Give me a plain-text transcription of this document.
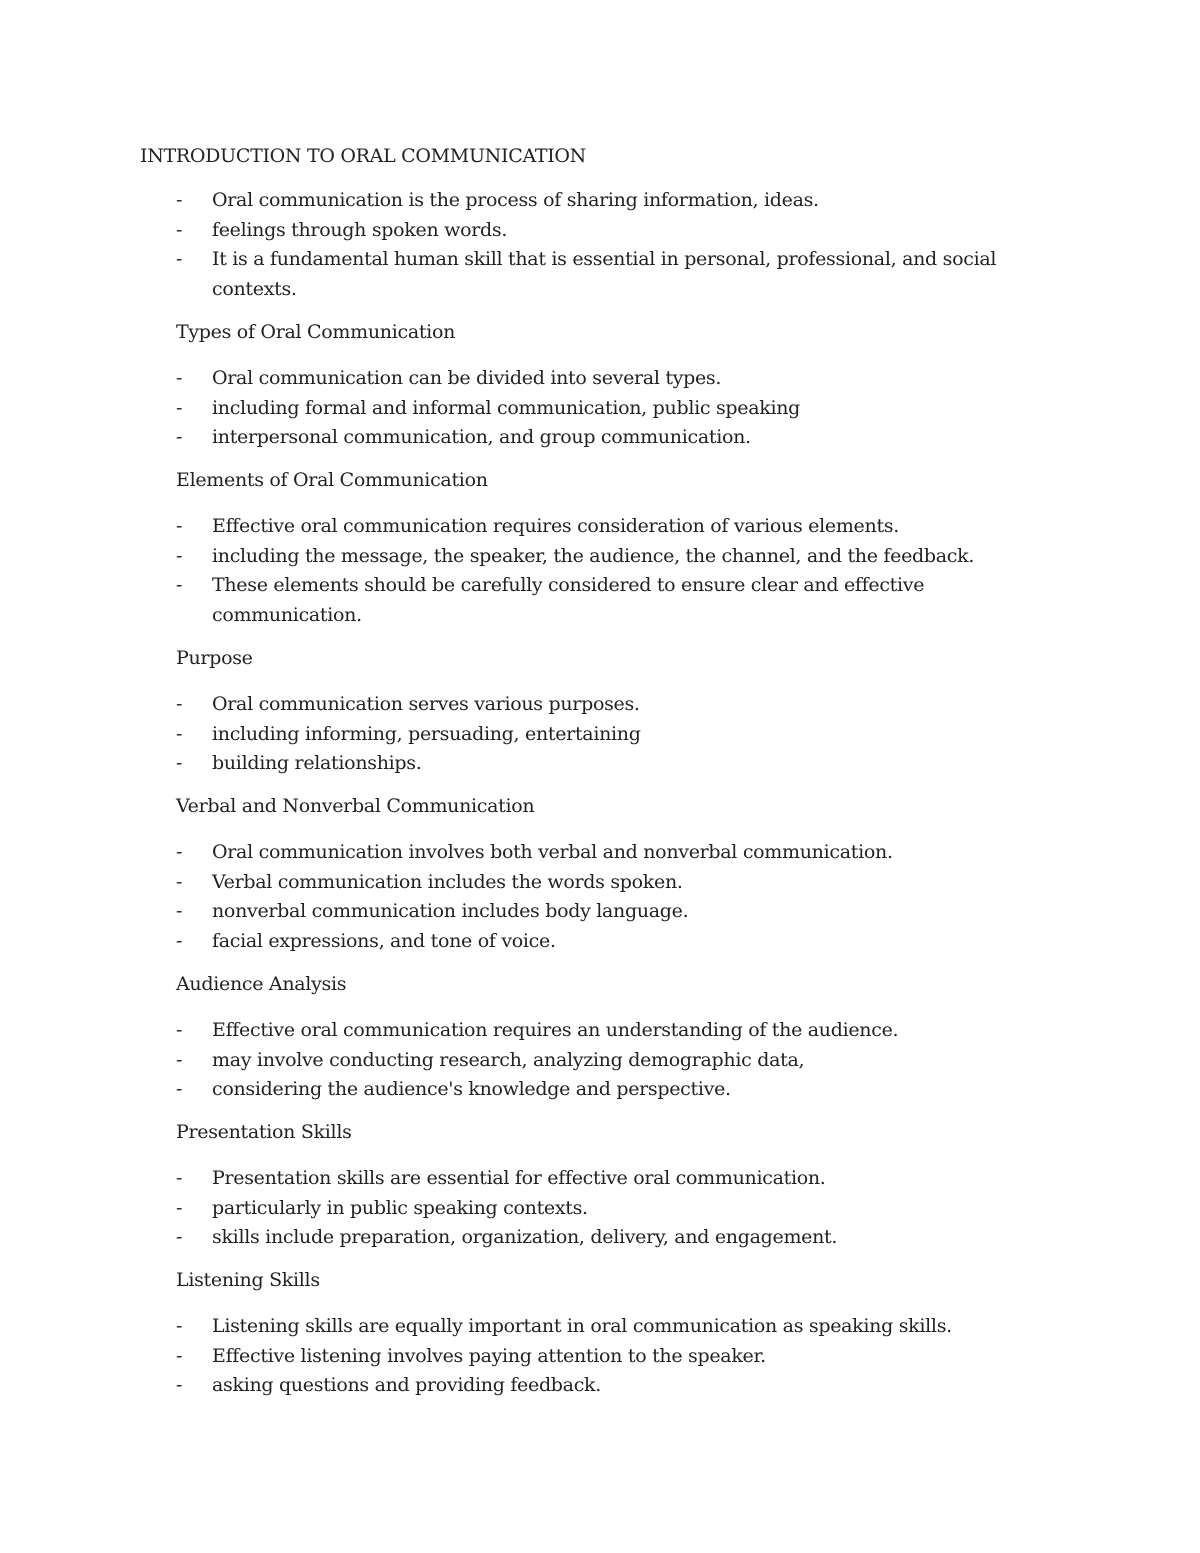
INTRODUCTION TO ORAL COMMUNICATION
- Oral communication is the process of sharing information, ideas.
- feelings through spoken words.
- It is a fundamental human skill that is essential in personal, professional, and social contexts.
Types of Oral Communication
- Oral communication can be divided into several types.
- including formal and informal communication, public speaking
- interpersonal communication, and group communication.
Elements of Oral Communication
- Effective oral communication requires consideration of various elements.
- including the message, the speaker, the audience, the channel, and the feedback.
- These elements should be carefully considered to ensure clear and effective communication.
Purpose
- Oral communication serves various purposes.
- including informing, persuading, entertaining
- building relationships.
Verbal and Nonverbal Communication
- Oral communication involves both verbal and nonverbal communication.
- Verbal communication includes the words spoken.
- nonverbal communication includes body language.
- facial expressions, and tone of voice.
Audience Analysis
- Effective oral communication requires an understanding of the audience.
- may involve conducting research, analyzing demographic data,
- considering the audience's knowledge and perspective.
Presentation Skills
- Presentation skills are essential for effective oral communication.
- particularly in public speaking contexts.
- skills include preparation, organization, delivery, and engagement.
Listening Skills
- Listening skills are equally important in oral communication as speaking skills.
- Effective listening involves paying attention to the speaker.
- asking questions and providing feedback.
